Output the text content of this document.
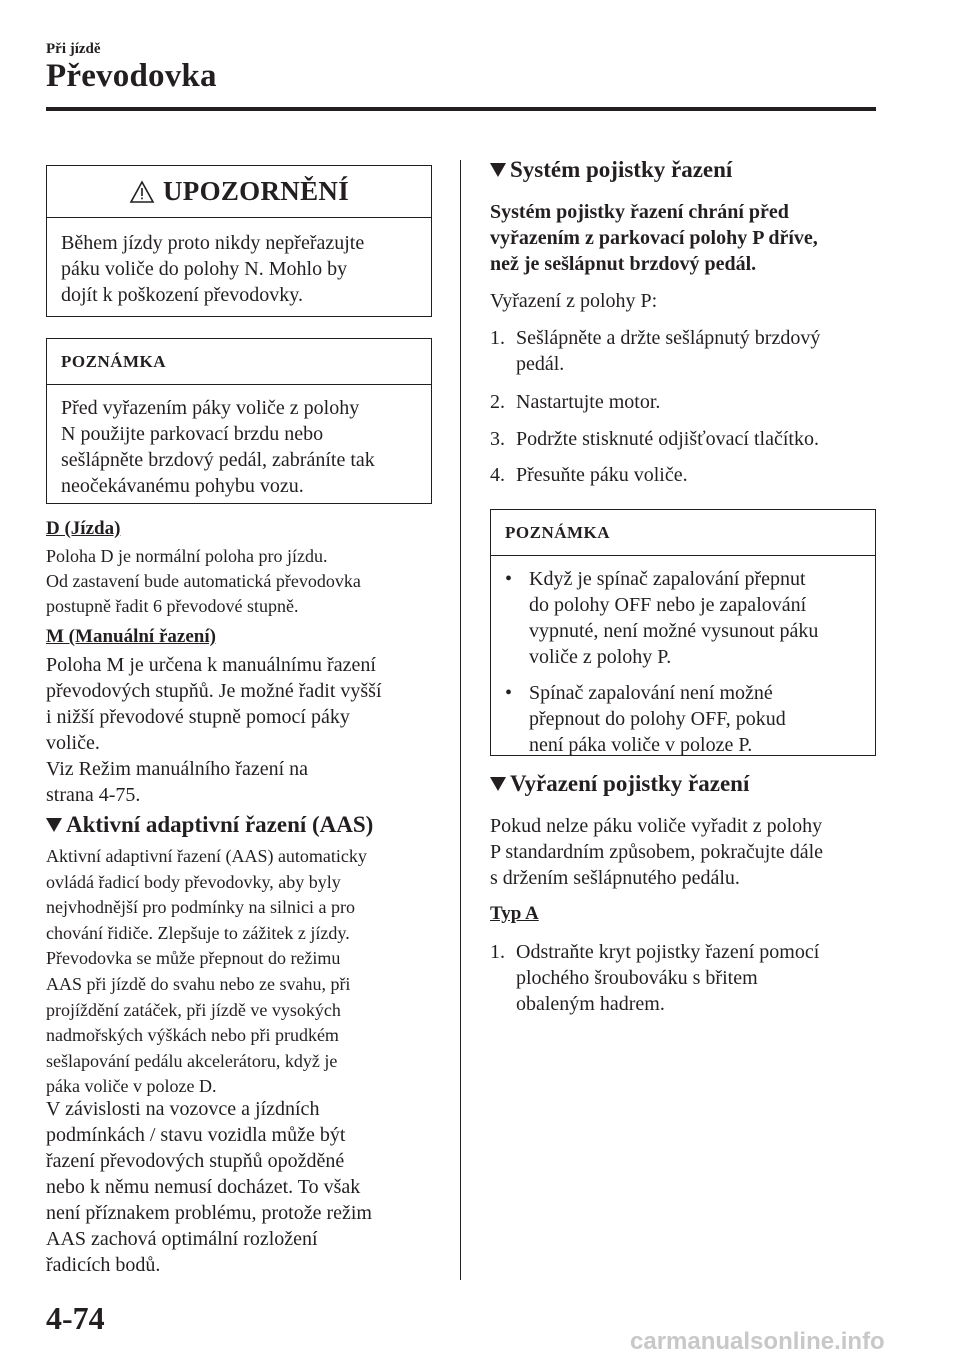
Při jízdě
Převodovka
UPOZORNĚNÍ
Během jízdy proto nikdy nepřeřazujte
páku voliče do polohy N. Mohlo by
dojít k poškození převodovky.
POZNÁMKA
Před vyřazením páky voliče z polohy
N použijte parkovací brzdu nebo
sešlápněte brzdový pedál, zabráníte tak
neočekávanému pohybu vozu.
D (Jízda)
Poloha D je normální poloha pro jízdu.
Od zastavení bude automatická převodovka
postupně řadit 6 převodové stupně.
M (Manuální řazení)
Poloha M je určena k manuálnímu řazení
převodových stupňů. Je možné řadit vyšší
i nižší převodové stupně pomocí páky
voliče.
Viz Režim manuálního řazení na
strana 4-75.
Aktivní adaptivní řazení (AAS)
Aktivní adaptivní řazení (AAS) automaticky
ovládá řadicí body převodovky, aby byly
nejvhodnější pro podmínky na silnici a pro
chování řidiče. Zlepšuje to zážitek z jízdy.
Převodovka se může přepnout do režimu
AAS při jízdě do svahu nebo ze svahu, při
projíždění zatáček, při jízdě ve vysokých
nadmořských výškách nebo při prudkém
sešlapování pedálu akcelerátoru, když je
páka voliče v poloze D.
V závislosti na vozovce a jízdních
podmínkách / stavu vozidla může být
řazení převodových stupňů opožděné
nebo k němu nemusí docházet. To však
není příznakem problému, protože režim
AAS zachová optimální rozložení
řadicích bodů.
Systém pojistky řazení
Systém pojistky řazení chrání před
vyřazením z parkovací polohy P dříve,
než je sešlápnut brzdový pedál.
Vyřazení z polohy P:
1. Sešlápněte a držte sešlápnutý brzdový
pedál.
2. Nastartujte motor.
3. Podržte stisknuté odjišťovací tlačítko.
4. Přesuňte páku voliče.
POZNÁMKA
• Když je spínač zapalování přepnut
do polohy OFF nebo je zapalování
vypnuté, není možné vysunout páku
voliče z polohy P.
• Spínač zapalování není možné
přepnout do polohy OFF, pokud
není páka voliče v poloze P.
Vyřazení pojistky řazení
Pokud nelze páku voliče vyřadit z polohy
P standardním způsobem, pokračujte dále
s držením sešlápnutého pedálu.
Typ A
1. Odstraňte kryt pojistky řazení pomocí
plochého šroubováku s břitem
obaleným hadrem.
4-74
carmanualsonline.info
